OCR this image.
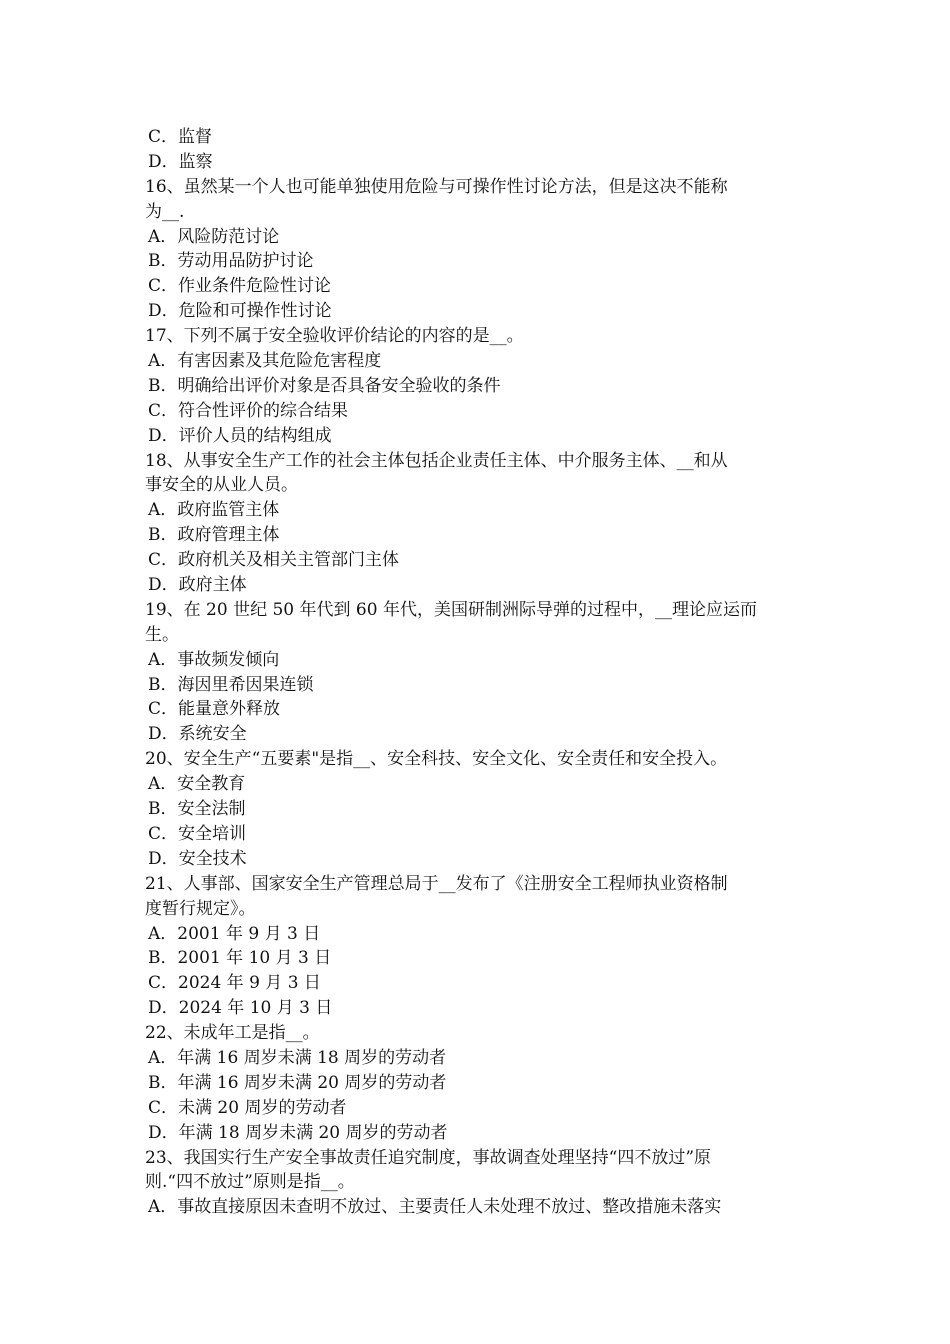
C．监督
D．监察
16、虽然某一个人也可能单独使用危险与可操作性讨论方法，但是这决不能称
为__.
A．风险防范讨论
B．劳动用品防护讨论
C．作业条件危险性讨论
D．危险和可操作性讨论
17、下列不属于安全验收评价结论的内容的是__。
A．有害因素及其危险危害程度
B．明确给出评价对象是否具备安全验收的条件
C．符合性评价的综合结果
D．评价人员的结构组成
18、从事安全生产工作的社会主体包括企业责任主体、中介服务主体、__和从
事安全的从业人员。
A．政府监管主体
B．政府管理主体
C．政府机关及相关主管部门主体
D．政府主体
19、在 20 世纪 50 年代到 60 年代，美国研制洲际导弹的过程中，__理论应运而
生。
A．事故频发倾向
B．海因里希因果连锁
C．能量意外释放
D．系统安全
20、安全生产“五要素"是指__、安全科技、安全文化、安全责任和安全投入。
A．安全教育
B．安全法制
C．安全培训
D．安全技术
21、人事部、国家安全生产管理总局于__发布了《注册安全工程师执业资格制
度暂行规定》。
A．2001 年 9 月 3 日
B．2001 年 10 月 3 日
C．2024 年 9 月 3 日
D．2024 年 10 月 3 日
22、未成年工是指__。
A．年满 16 周岁未满 18 周岁的劳动者
B．年满 16 周岁未满 20 周岁的劳动者
C．未满 20 周岁的劳动者
D．年满 18 周岁未满 20 周岁的劳动者
23、我国实行生产安全事故责任追究制度，事故调查处理坚持“四不放过”原
则.“四不放过”原则是指__。
A．事故直接原因未查明不放过、主要责任人未处理不放过、整改措施未落实
